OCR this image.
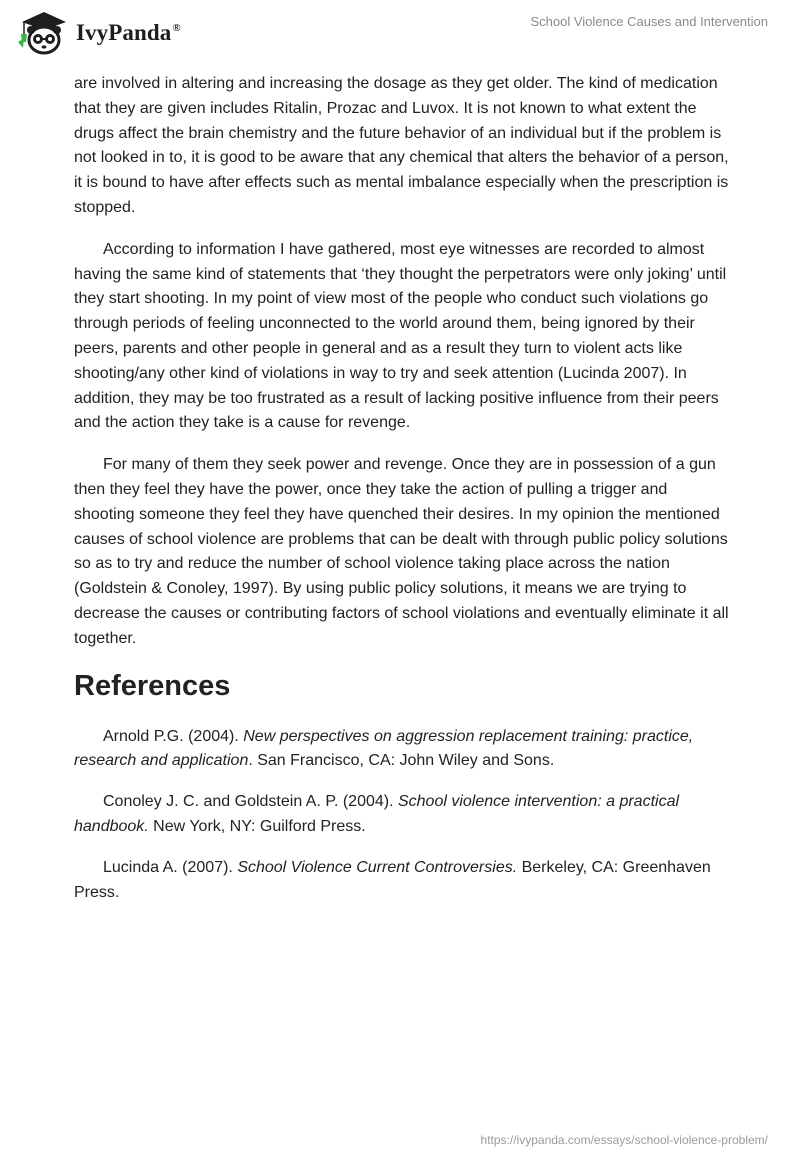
IvyPanda®	School Violence Causes and Intervention

are involved in altering and increasing the dosage as they get older. The kind of medication that they are given includes Ritalin, Prozac and Luvox. It is not known to what extent the drugs affect the brain chemistry and the future behavior of an individual but if the problem is not looked in to, it is good to be aware that any chemical that alters the behavior of a person, it is bound to have after effects such as mental imbalance especially when the prescription is stopped.

According to information I have gathered, most eye witnesses are recorded to almost having the same kind of statements that ‘they thought the perpetrators were only joking’ until they start shooting. In my point of view most of the people who conduct such violations go through periods of feeling unconnected to the world around them, being ignored by their peers, parents and other people in general and as a result they turn to violent acts like shooting/any other kind of violations in way to try and seek attention (Lucinda 2007). In addition, they may be too frustrated as a result of lacking positive influence from their peers and the action they take is a cause for revenge.

For many of them they seek power and revenge. Once they are in possession of a gun then they feel they have the power, once they take the action of pulling a trigger and shooting someone they feel they have quenched their desires. In my opinion the mentioned causes of school violence are problems that can be dealt with through public policy solutions so as to try and reduce the number of school violence taking place across the nation (Goldstein & Conoley, 1997). By using public policy solutions, it means we are trying to decrease the causes or contributing factors of school violations and eventually eliminate it all together.

References

Arnold P.G. (2004). New perspectives on aggression replacement training: practice, research and application. San Francisco, CA: John Wiley and Sons.

Conoley J. C. and Goldstein A. P. (2004). School violence intervention: a practical handbook. New York, NY: Guilford Press.

Lucinda A. (2007). School Violence Current Controversies. Berkeley, CA: Greenhaven Press.

https://ivypanda.com/essays/school-violence-problem/
